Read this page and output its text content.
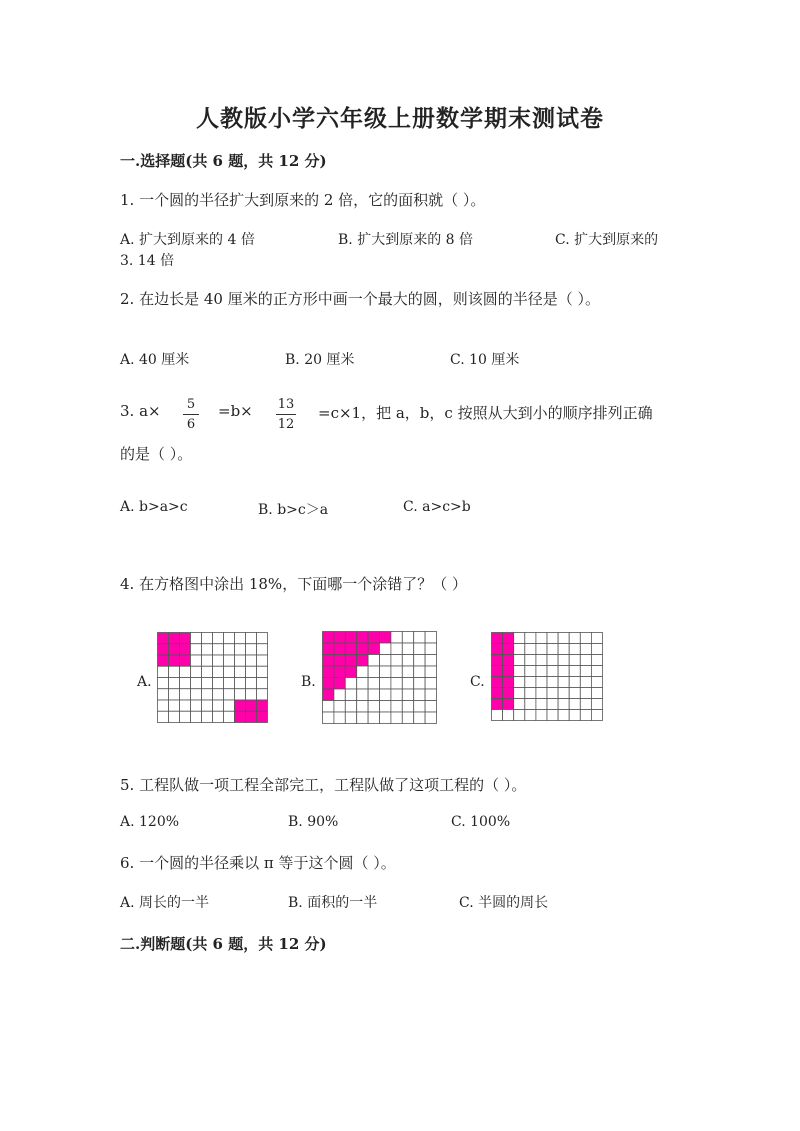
人教版小学六年级上册数学期末测试卷
一.选择题(共 6 题，共 12 分)
1. 一个圆的半径扩大到原来的 2 倍，它的面积就（ ）。
A. 扩大到原来的 4 倍	B. 扩大到原来的 8 倍	C. 扩大到原来的
3. 14 倍
2. 在边长是 40 厘米的正方形中画一个最大的圆，则该圆的半径是（ ）。
A. 40 厘米	B. 20 厘米	C. 10 厘米
3. a× 5
6
=b× 13
12
=c×1，把 a，b，c 按照从大到小的顺序排列正确
的是（ ）。
A. b>a>c	B. b>c＞a	C. a>c>b
4. 在方格图中涂出 18%，下面哪一个涂错了？（ ）
A.	B.	C.
5. 工程队做一项工程全部完工，工程队做了这项工程的（ ）。
A. 120%	B. 90%	C. 100%
6. 一个圆的半径乘以 π 等于这个圆（ ）。
A. 周长的一半	B. 面积的一半	C. 半圆的周长
二.判断题(共 6 题，共 12 分)
